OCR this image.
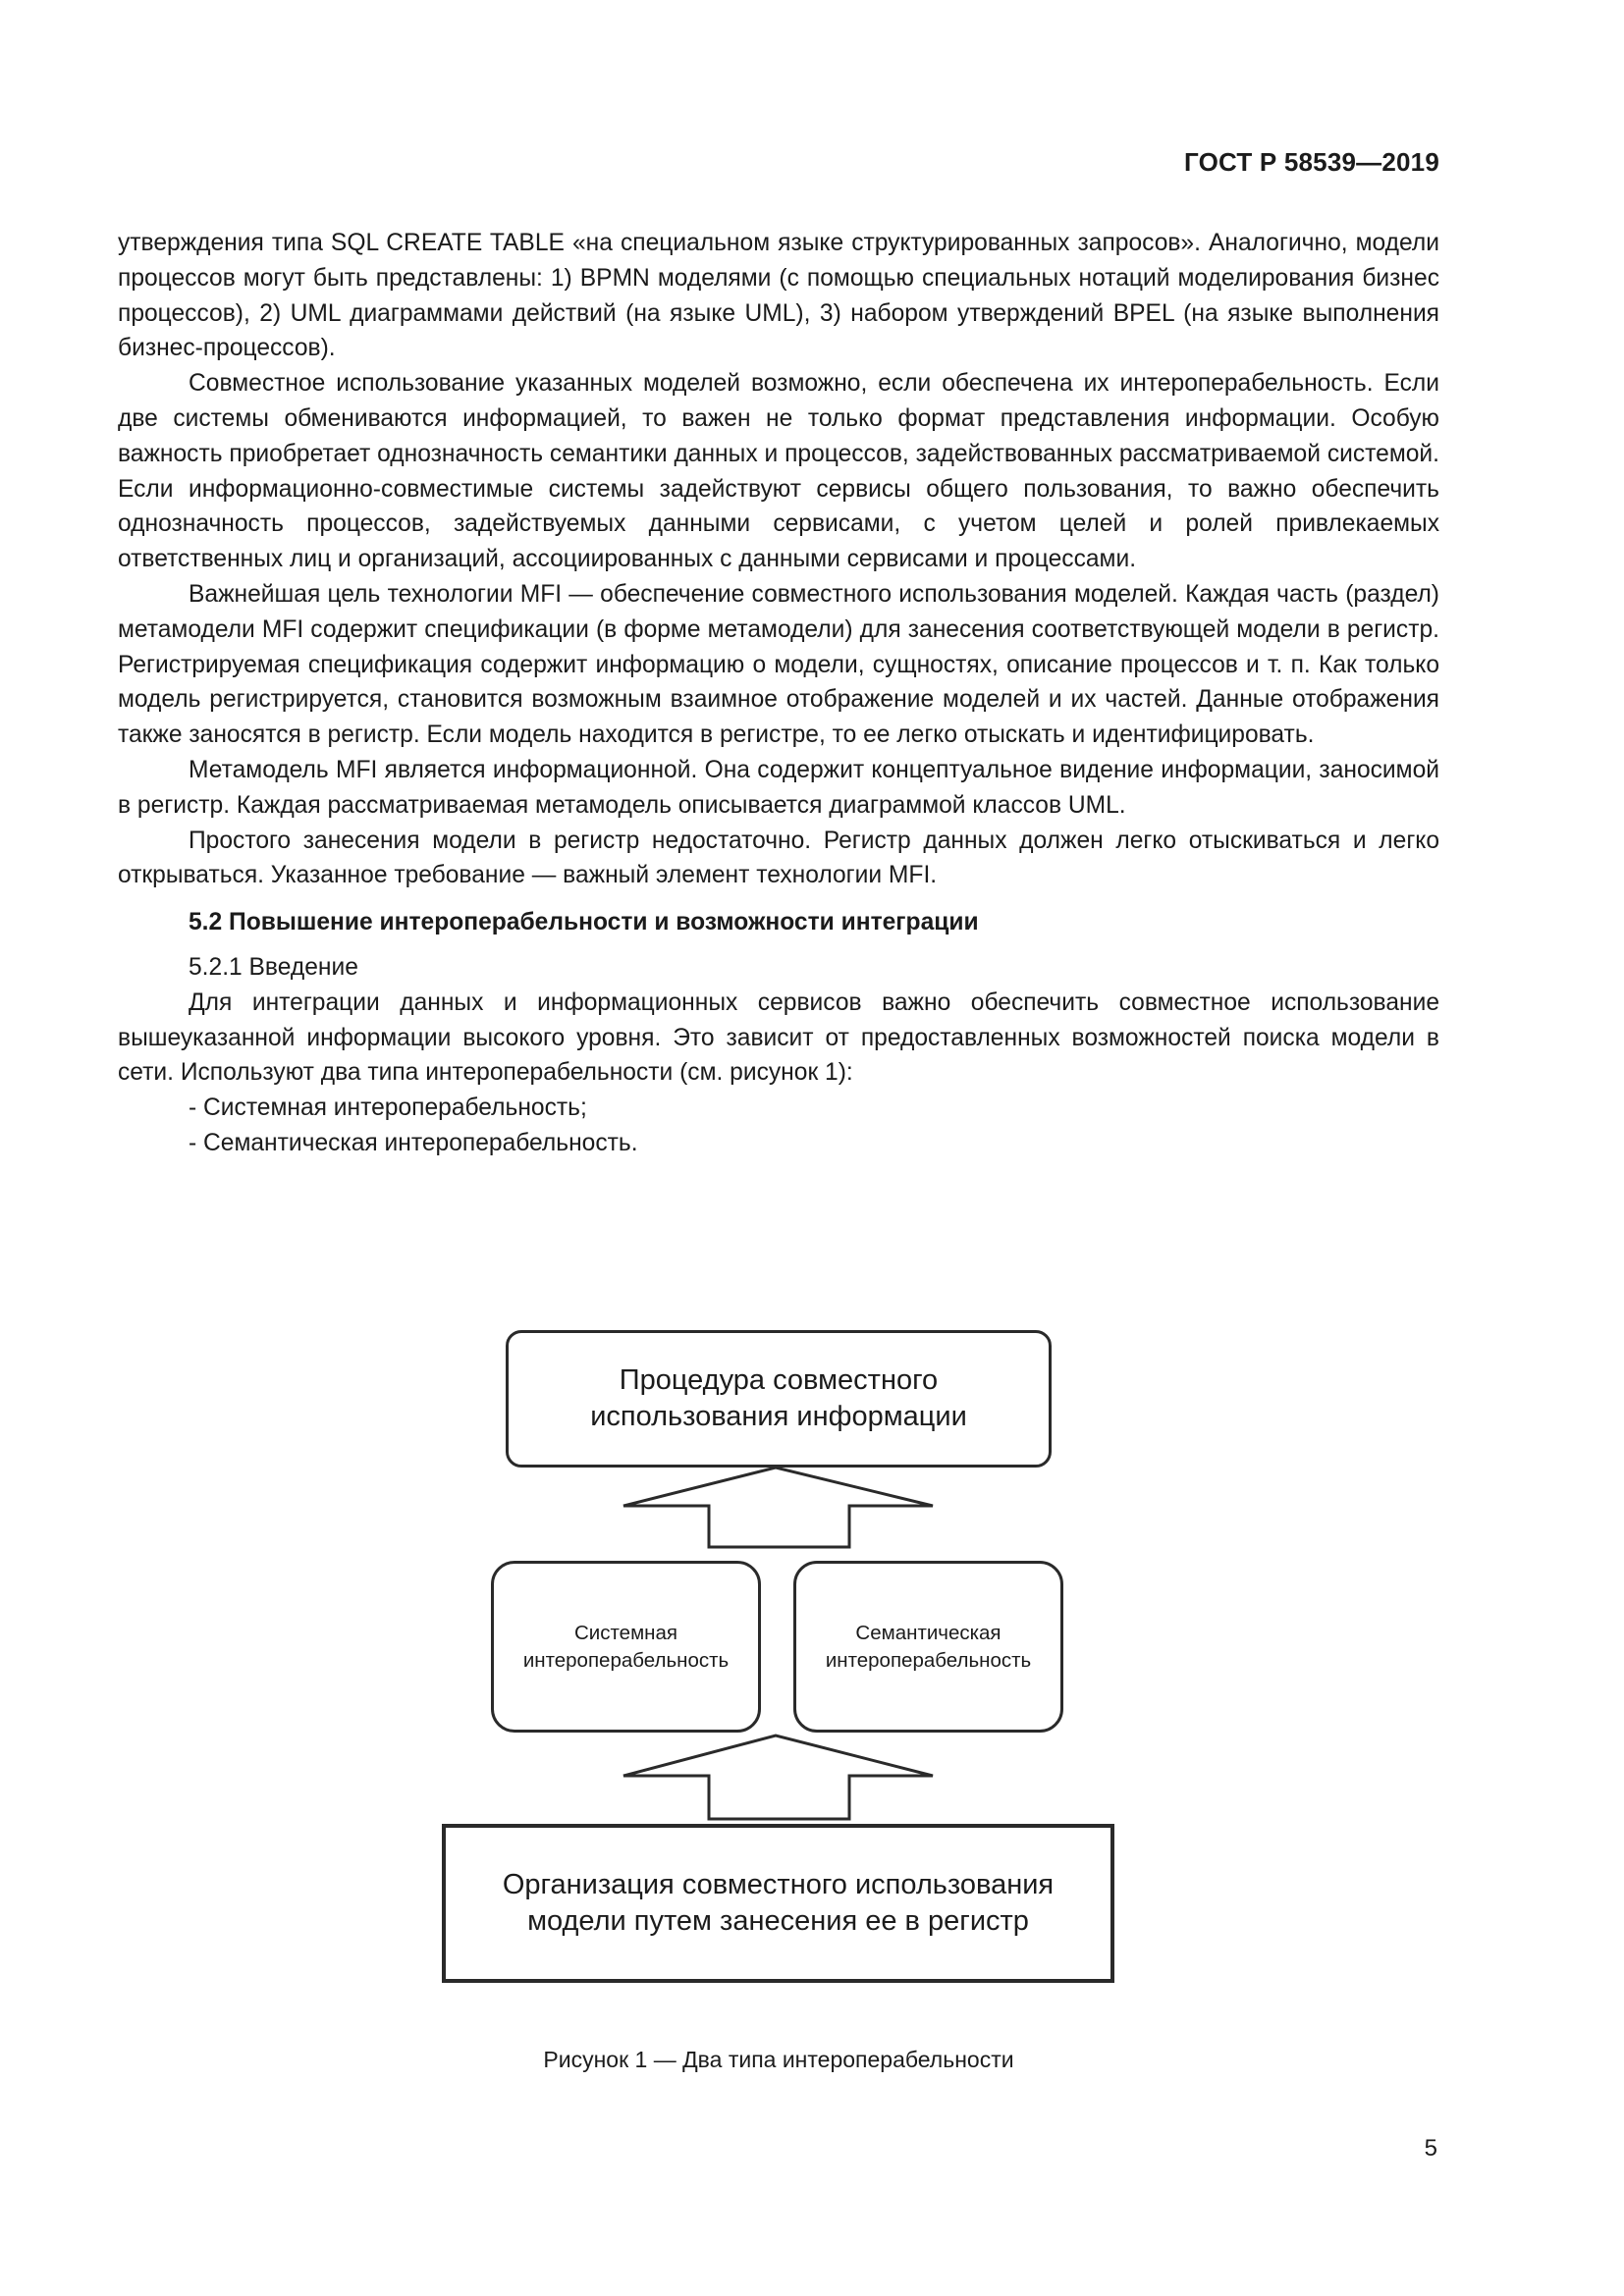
ГОСТ Р 58539—2019

утверждения типа SQL CREATE TABLE «на специальном языке структурированных запросов». Аналогично, модели процессов могут быть представлены: 1) BPMN моделями (с помощью специальных нотаций моделирования бизнес процессов), 2) UML диаграммами действий (на языке UML), 3) набором утверждений BPEL (на языке выполнения бизнес-процессов).

Совместное использование указанных моделей возможно, если обеспечена их интероперабельность. Если две системы обмениваются информацией, то важен не только формат представления информации. Особую важность приобретает однозначность семантики данных и процессов, задействованных рассматриваемой системой. Если информационно-совместимые системы задействуют сервисы общего пользования, то важно обеспечить однозначность процессов, задействуемых данными сервисами, с учетом целей и ролей привлекаемых ответственных лиц и организаций, ассоциированных с данными сервисами и процессами.

Важнейшая цель технологии MFI — обеспечение совместного использования моделей. Каждая часть (раздел) метамодели MFI содержит спецификации (в форме метамодели) для занесения соответствующей модели в регистр. Регистрируемая спецификация содержит информацию о модели, сущностях, описание процессов и т. п. Как только модель регистрируется, становится возможным взаимное отображение моделей и их частей. Данные отображения также заносятся в регистр. Если модель находится в регистре, то ее легко отыскать и идентифицировать.

Метамодель MFI является информационной. Она содержит концептуальное видение информации, заносимой в регистр. Каждая рассматриваемая метамодель описывается диаграммой классов UML.

Простого занесения модели в регистр недостаточно. Регистр данных должен легко отыскиваться и легко открываться. Указанное требование — важный элемент технологии MFI.

5.2 Повышение интероперабельности и возможности интеграции

5.2.1 Введение

Для интеграции данных и информационных сервисов важно обеспечить совместное использование вышеуказанной информации высокого уровня. Это зависит от предоставленных возможностей поиска модели в сети. Используют два типа интероперабельности (см. рисунок 1):

- Системная интероперабельность;

- Семантическая интероперабельность.

Процедура совместного
использования информации
Системная
интероперабельность
Семантическая
интероперабельность
Организация совместного использования
модели путем занесения ее в регистр
Рисунок 1 — Два типа интероперабельности
5
